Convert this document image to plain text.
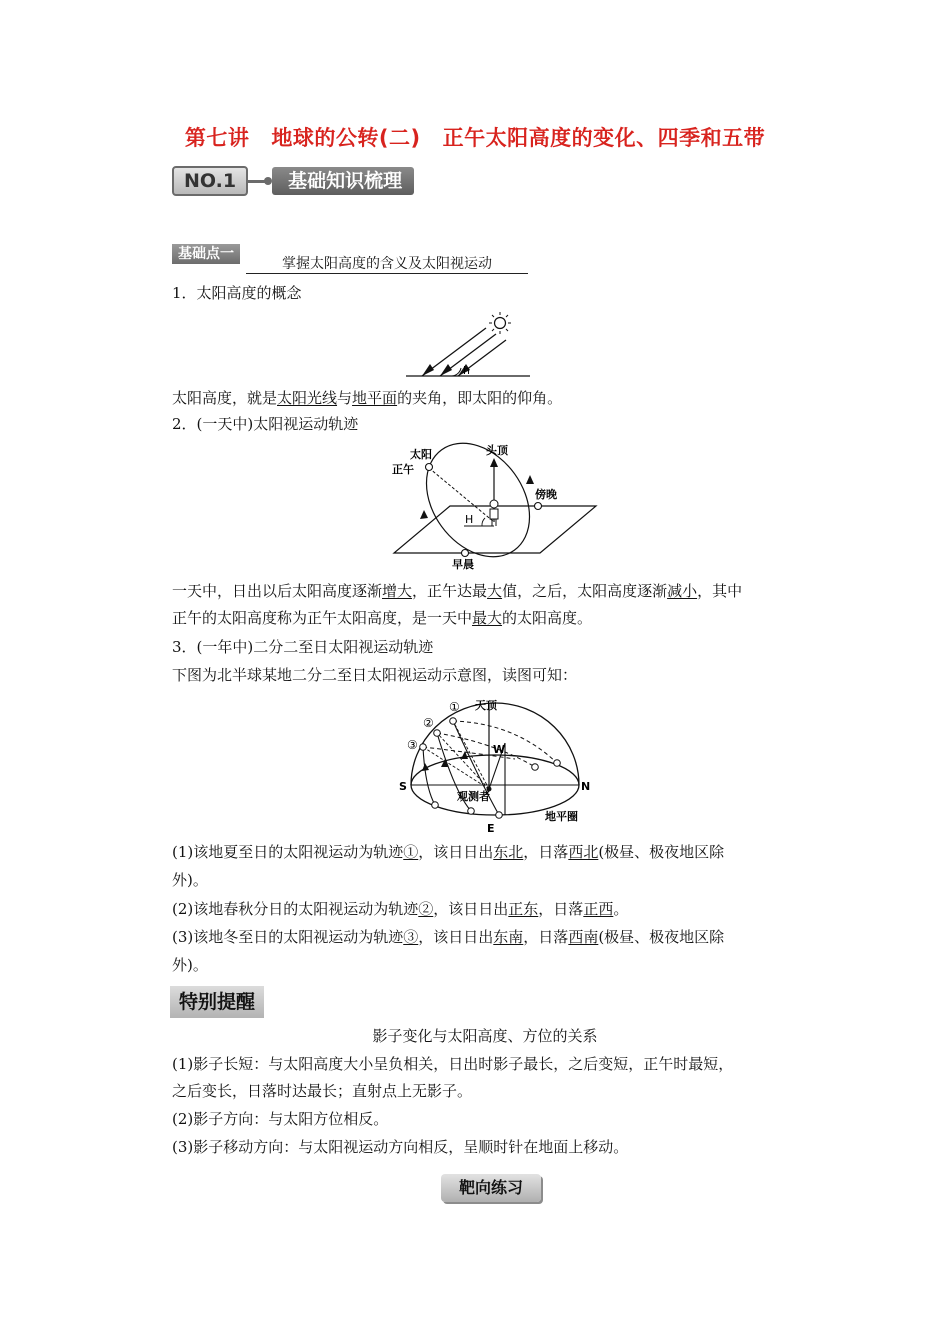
第七讲 地球的公转(二) 正午太阳高度的变化、四季和五带
NO.1	基础知识梳理
基础点一
掌握太阳高度的含义及太阳视运动
1．太阳高度的概念
h
太阳高度，就是太阳光线与地平面的夹角，即太阳的仰角。
2．(一天中)太阳视运动轨迹
太阳
正午
头顶
傍晚
早晨
H
一天中，日出以后太阳高度逐渐增大，正午达最大值，之后，太阳高度逐渐减小，其中
正午的太阳高度称为正午太阳高度，是一天中最大的太阳高度。
3．(一年中)二分二至日太阳视运动轨迹
下图为北半球某地二分二至日太阳视运动示意图，读图可知：
①
②
③
天顶
W
S	N
E
观测者
地平圈
(1)该地夏至日的太阳视运动为轨迹①，该日日出东北，日落西北(极昼、极夜地区除
外)。
(2)该地春秋分日的太阳视运动为轨迹②，该日日出正东，日落正西。
(3)该地冬至日的太阳视运动为轨迹③，该日日出东南，日落西南(极昼、极夜地区除
外)。
特别提醒
影子变化与太阳高度、方位的关系
(1)影子长短：与太阳高度大小呈负相关，日出时影子最长，之后变短，正午时最短，
之后变长，日落时达最长；直射点上无影子。
(2)影子方向：与太阳方位相反。
(3)影子移动方向：与太阳视运动方向相反，呈顺时针在地面上移动。
靶向练习
